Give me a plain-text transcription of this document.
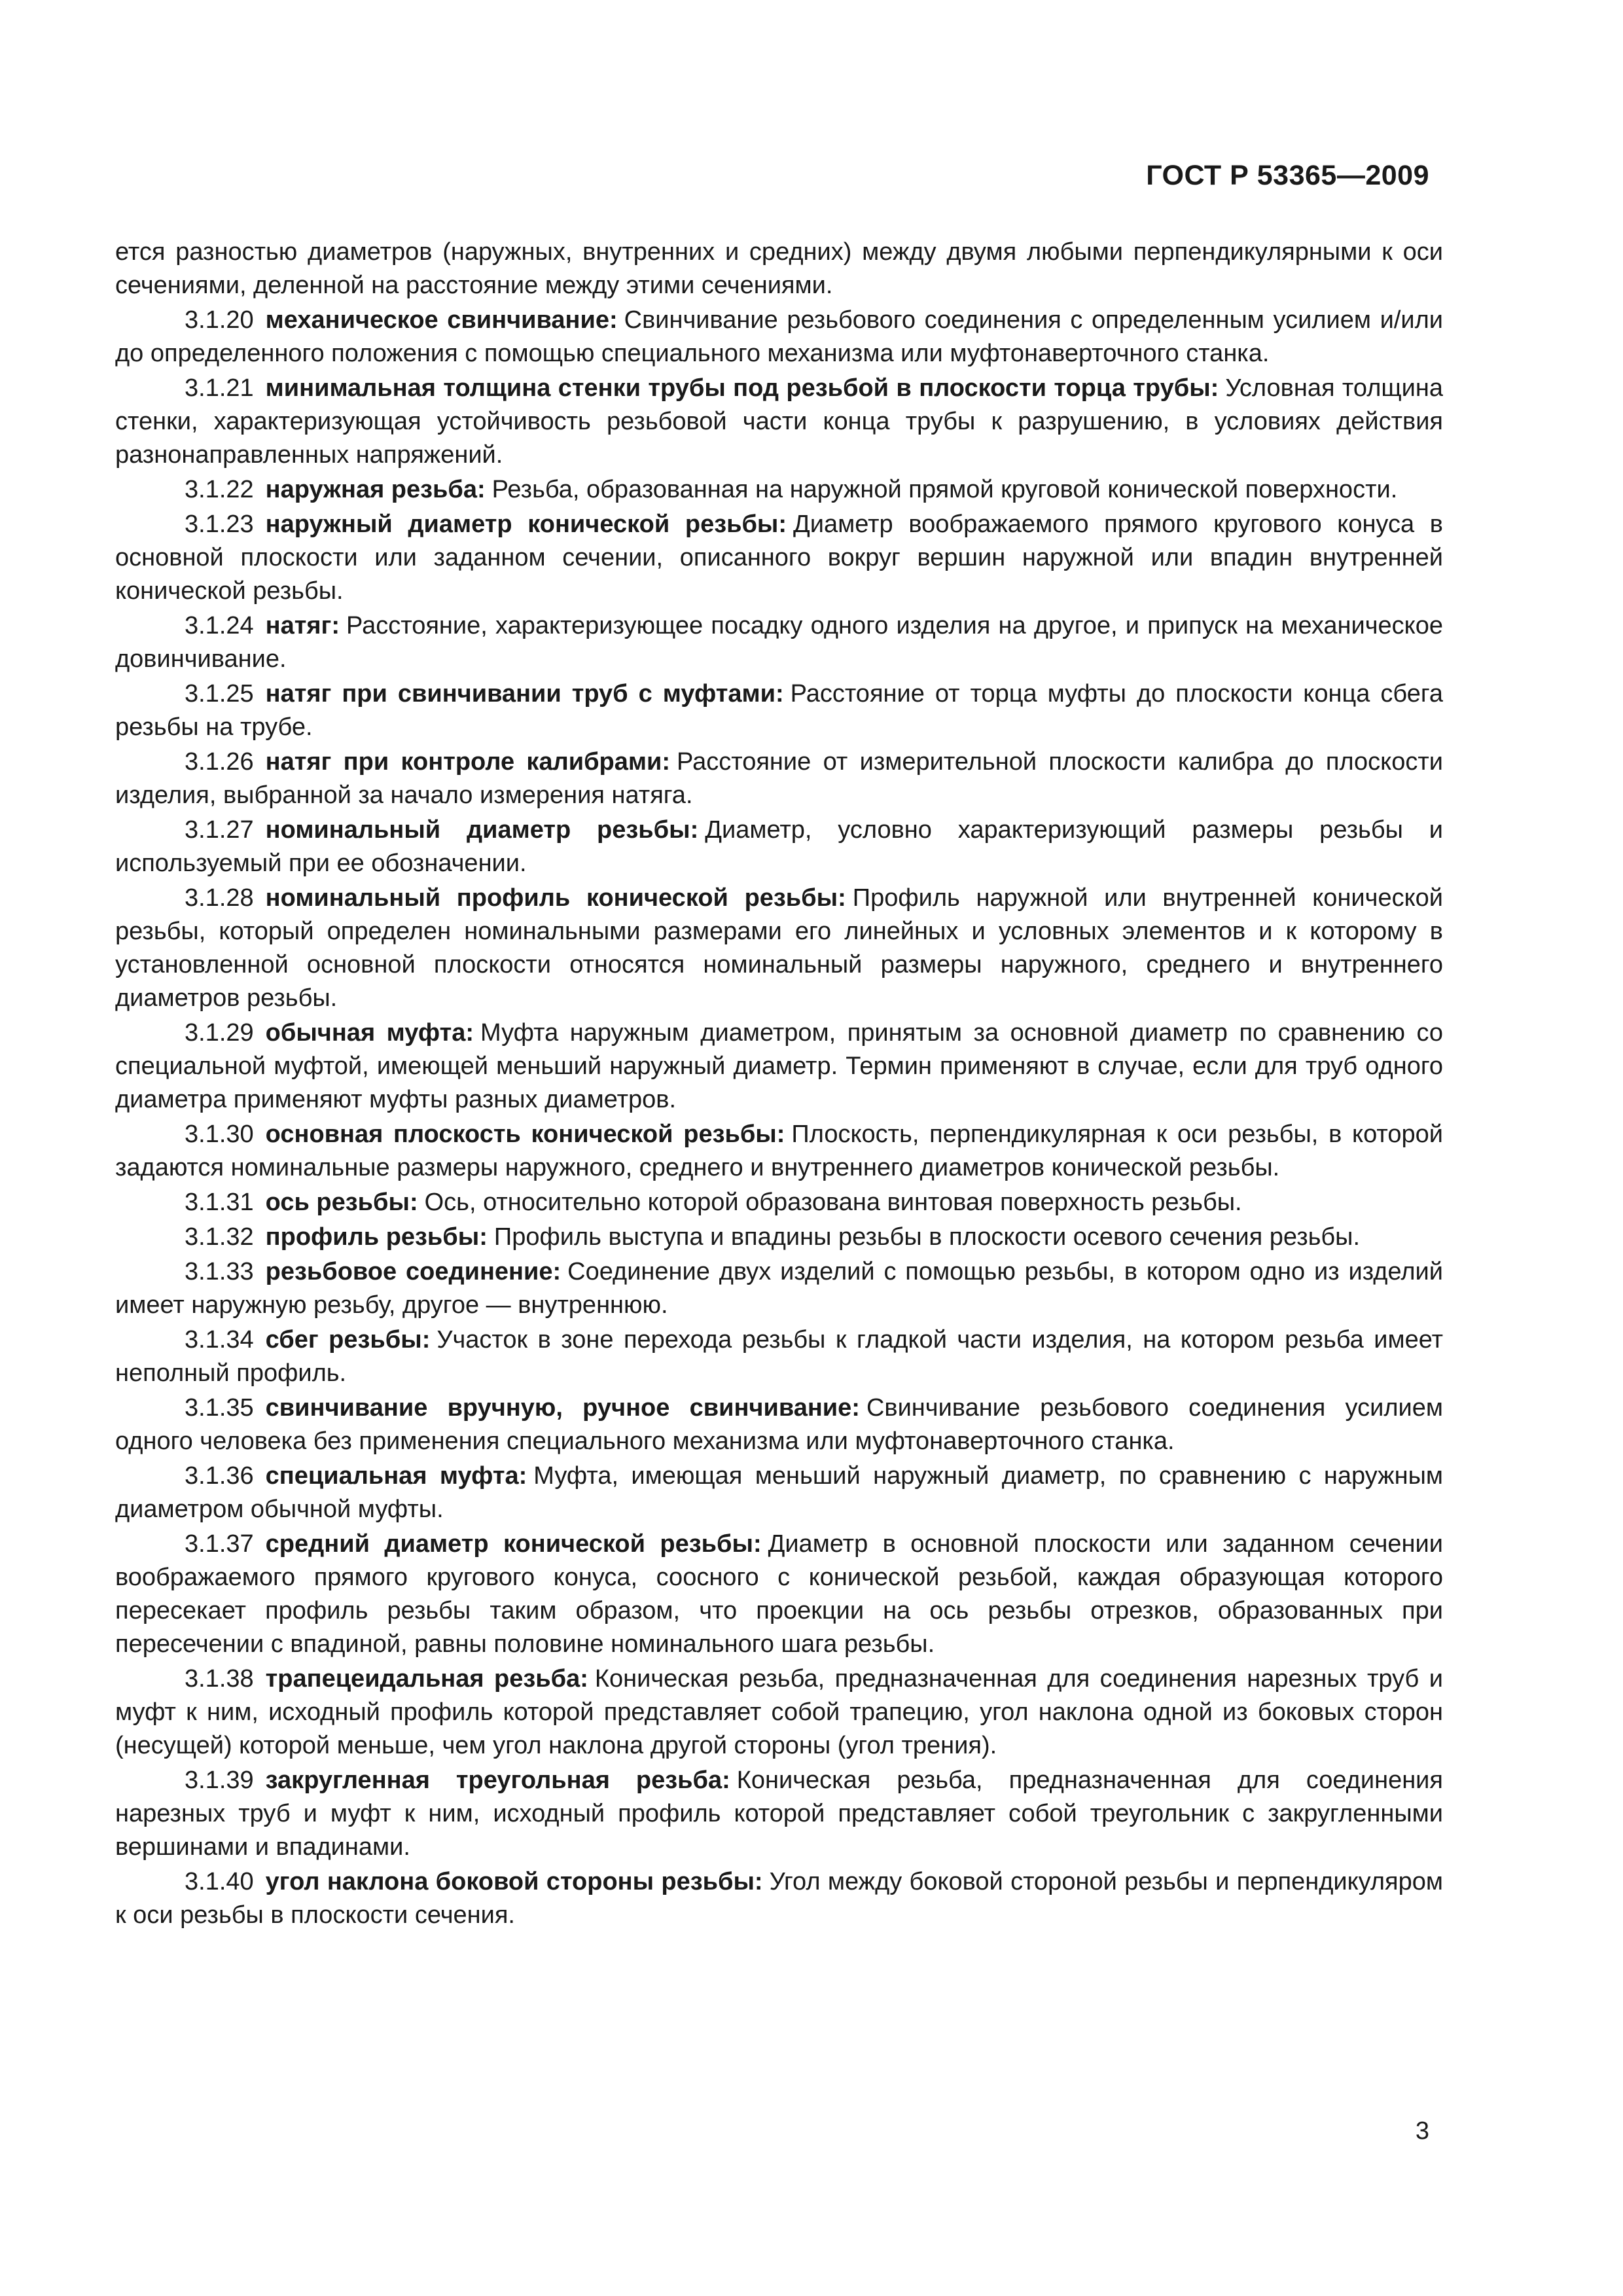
ГОСТ Р 53365—2009

ется разностью диаметров (наружных, внутренних и средних) между двумя любыми перпендикулярными к оси сечениями, деленной на расстояние между этими сечениями.

3.1.20 механическое свинчивание: Свинчивание резьбового соединения с определенным усилием и/или до определенного положения с помощью специального механизма или муфтонаверточного станка.

3.1.21 минимальная толщина стенки трубы под резьбой в плоскости торца трубы: Условная толщина стенки, характеризующая устойчивость резьбовой части конца трубы к разрушению, в условиях действия разнонаправленных напряжений.

3.1.22 наружная резьба: Резьба, образованная на наружной прямой круговой конической поверхности.

3.1.23 наружный диаметр конической резьбы: Диаметр воображаемого прямого кругового конуса в основной плоскости или заданном сечении, описанного вокруг вершин наружной или впадин внутренней конической резьбы.

3.1.24 натяг: Расстояние, характеризующее посадку одного изделия на другое, и припуск на механическое довинчивание.

3.1.25 натяг при свинчивании труб с муфтами: Расстояние от торца муфты до плоскости конца сбега резьбы на трубе.

3.1.26 натяг при контроле калибрами: Расстояние от измерительной плоскости калибра до плоскости изделия, выбранной за начало измерения натяга.

3.1.27 номинальный диаметр резьбы: Диаметр, условно характеризующий размеры резьбы и используемый при ее обозначении.

3.1.28 номинальный профиль конической резьбы: Профиль наружной или внутренней конической резьбы, который определен номинальными размерами его линейных и условных элементов и к которому в установленной основной плоскости относятся номинальный размеры наружного, среднего и внутреннего диаметров резьбы.

3.1.29 обычная муфта: Муфта наружным диаметром, принятым за основной диаметр по сравнению со специальной муфтой, имеющей меньший наружный диаметр. Термин применяют в случае, если для труб одного диаметра применяют муфты разных диаметров.

3.1.30 основная плоскость конической резьбы: Плоскость, перпендикулярная к оси резьбы, в которой задаются номинальные размеры наружного, среднего и внутреннего диаметров конической резьбы.

3.1.31 ось резьбы: Ось, относительно которой образована винтовая поверхность резьбы.

3.1.32 профиль резьбы: Профиль выступа и впадины резьбы в плоскости осевого сечения резьбы.

3.1.33 резьбовое соединение: Соединение двух изделий с помощью резьбы, в котором одно из изделий имеет наружную резьбу, другое — внутреннюю.

3.1.34 сбег резьбы: Участок в зоне перехода резьбы к гладкой части изделия, на котором резьба имеет неполный профиль.

3.1.35 свинчивание вручную, ручное свинчивание: Свинчивание резьбового соединения усилием одного человека без применения специального механизма или муфтонаверточного станка.

3.1.36 специальная муфта: Муфта, имеющая меньший наружный диаметр, по сравнению с наружным диаметром обычной муфты.

3.1.37 средний диаметр конической резьбы: Диаметр в основной плоскости или заданном сечении воображаемого прямого кругового конуса, соосного с конической резьбой, каждая образующая которого пересекает профиль резьбы таким образом, что проекции на ось резьбы отрезков, образованных при пересечении с впадиной, равны половине номинального шага резьбы.

3.1.38 трапецеидальная резьба: Коническая резьба, предназначенная для соединения нарезных труб и муфт к ним, исходный профиль которой представляет собой трапецию, угол наклона одной из боковых сторон (несущей) которой меньше, чем угол наклона другой стороны (угол трения).

3.1.39 закругленная треугольная резьба: Коническая резьба, предназначенная для соединения нарезных труб и муфт к ним, исходный профиль которой представляет собой треугольник с закругленными вершинами и впадинами.

3.1.40 угол наклона боковой стороны резьбы: Угол между боковой стороной резьбы и перпендикуляром к оси резьбы в плоскости сечения.

3
